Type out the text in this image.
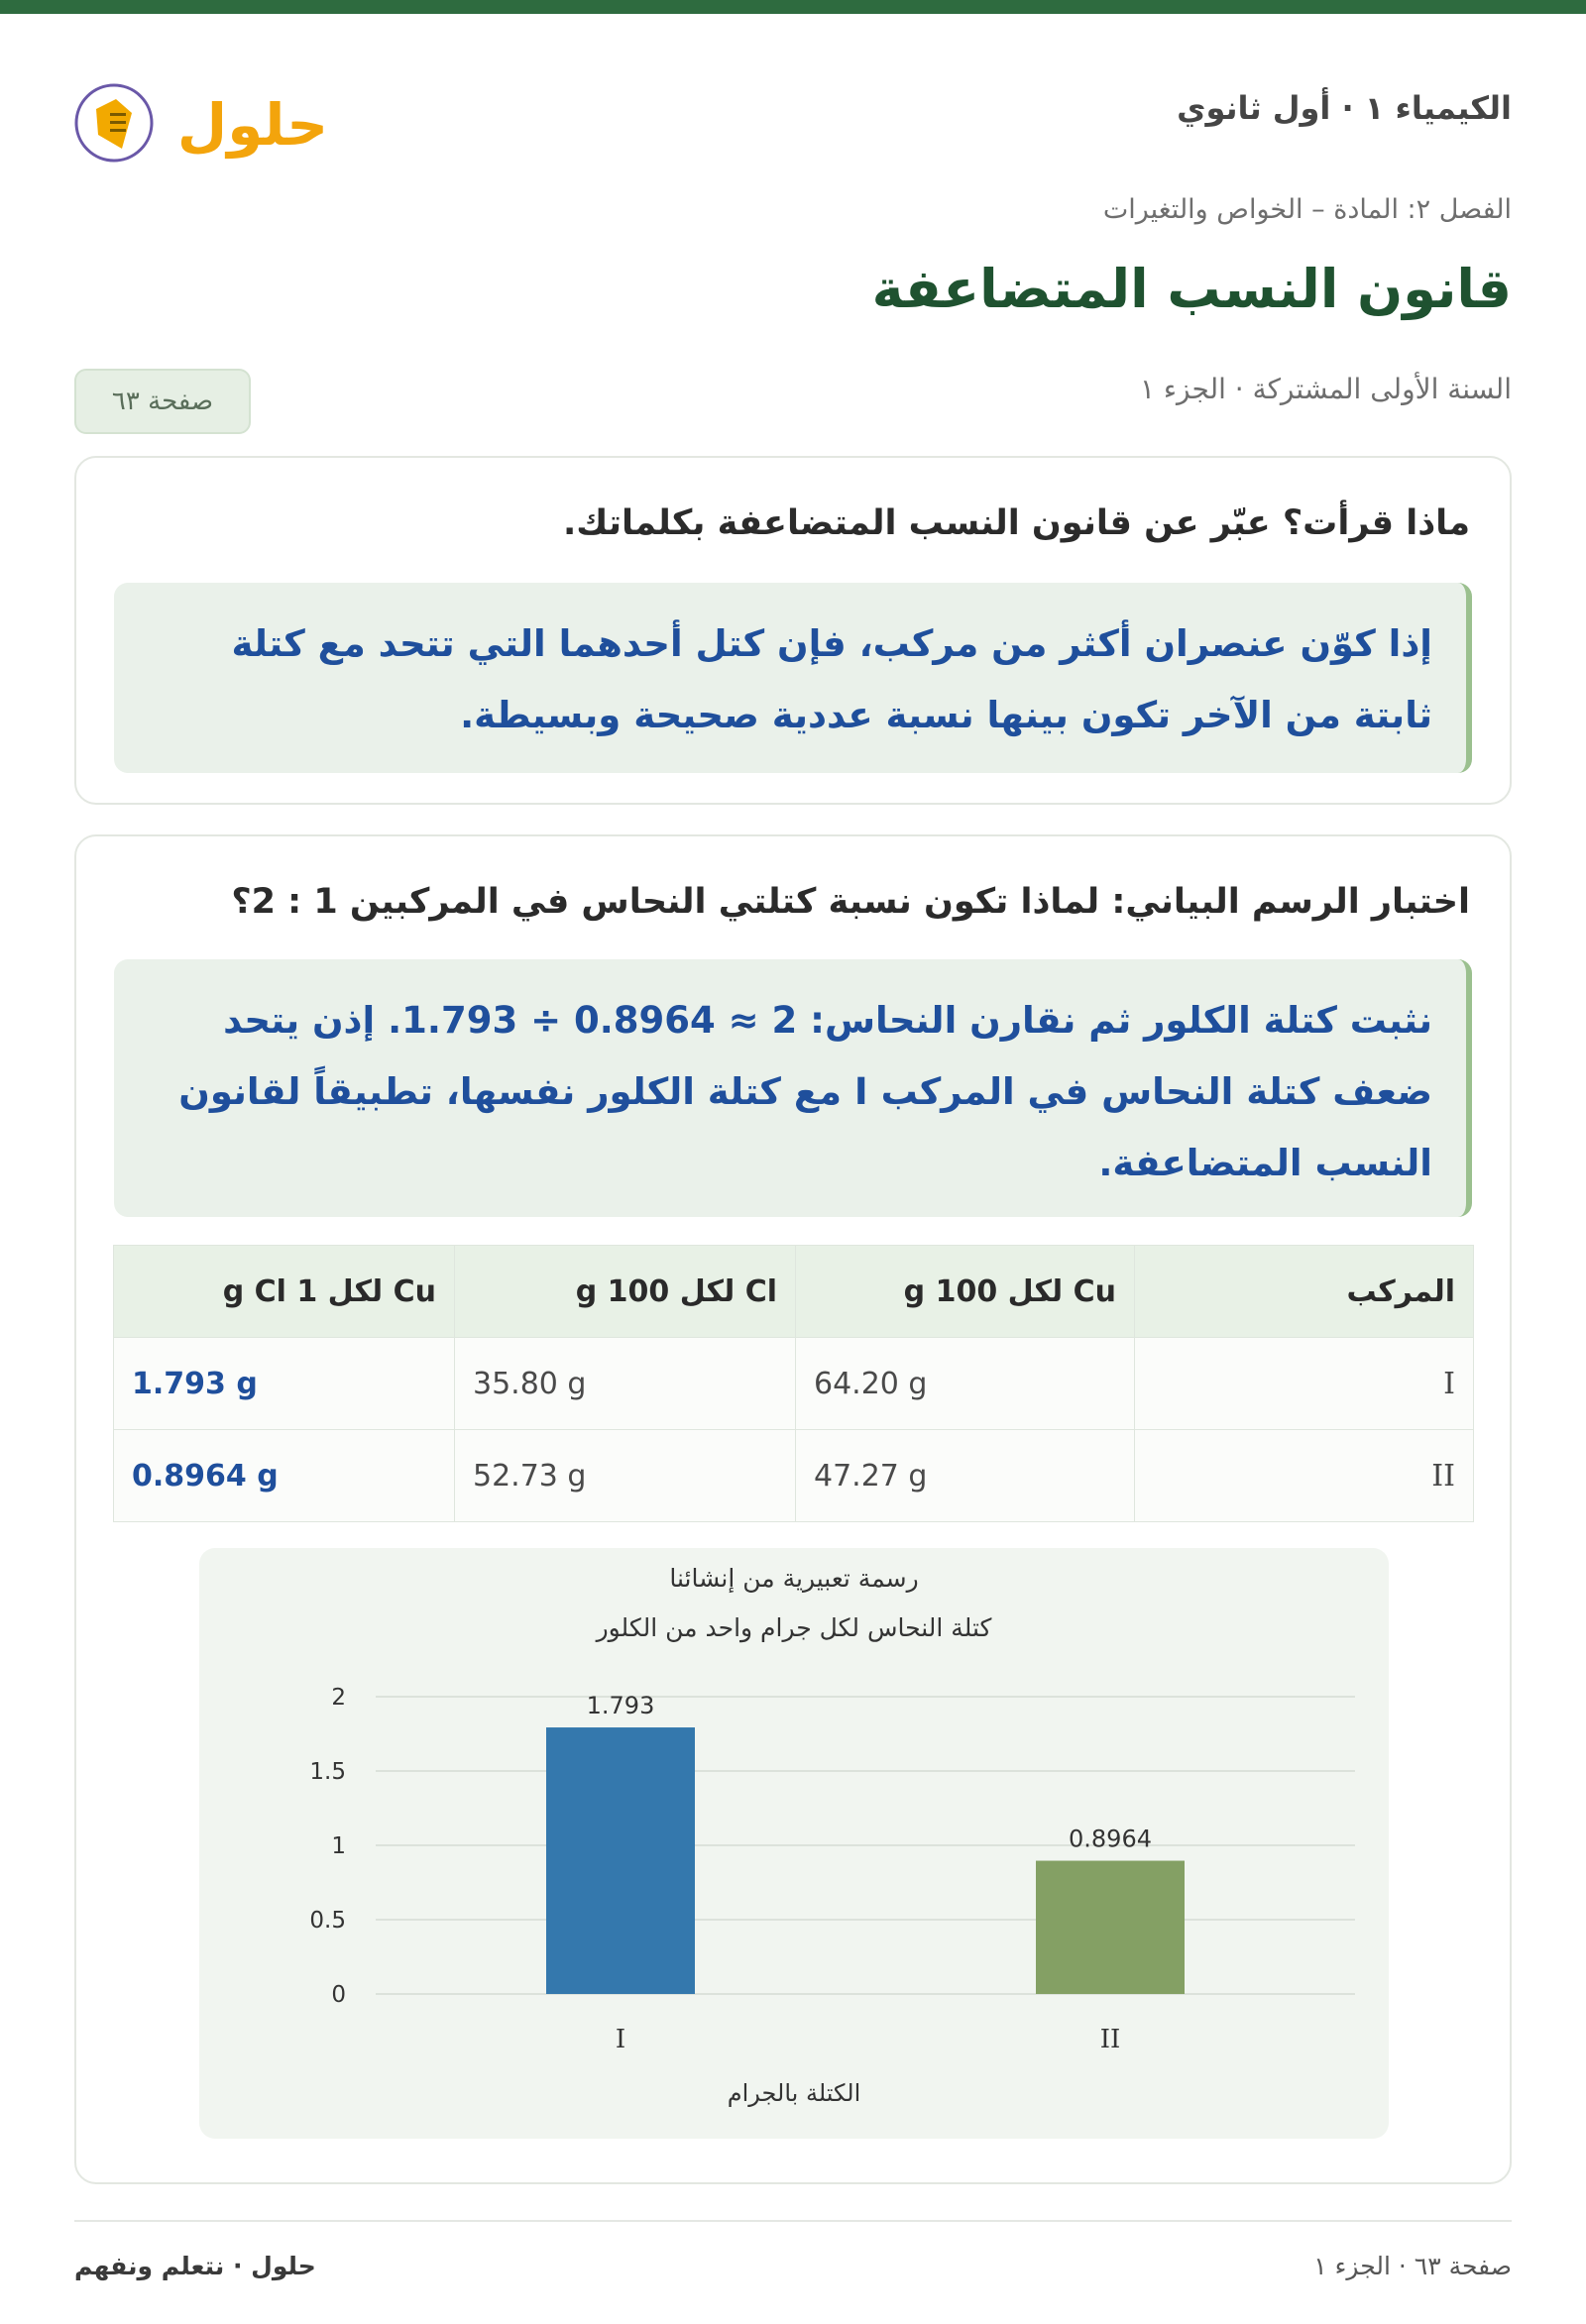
الكيمياء ١ · أول ثانوي
حلول
الفصل ٢: المادة – الخواص والتغيرات
قانون النسب المتضاعفة
السنة الأولى المشتركة · الجزء ١
صفحة ٦٣
ماذا قرأت؟ عبّر عن قانون النسب المتضاعفة بكلماتك.
إذا كوّن عنصران أكثر من مركب، فإن كتل أحدهما التي تتحد مع كتلة ثابتة من الآخر تكون بينها نسبة عددية صحيحة وبسيطة.
اختبار الرسم البياني: لماذا تكون نسبة كتلتي النحاس في المركبين 1 : 2؟
نثبت كتلة الكلور ثم نقارن النحاس: 2 ≈ 0.8964 ÷ 1.793. إذن يتحد ضعف كتلة النحاس في المركب I مع كتلة الكلور نفسها، تطبيقاً لقانون النسب المتضاعفة.
المركب	Cu لكل 100 g	Cl لكل 100 g	Cu لكل 1 g Cl
I	64.20 g	35.80 g	1.793 g
II	47.27 g	52.73 g	0.8964 g
رسمة تعبيرية من إنشائنا
كتلة النحاس لكل جرام واحد من الكلور
0
0.5
1
1.5
2	1.793
I
0.8964
II
الكتلة بالجرام
صفحة ٦٣ · الجزء ١
حلول · نتعلم ونفهم
